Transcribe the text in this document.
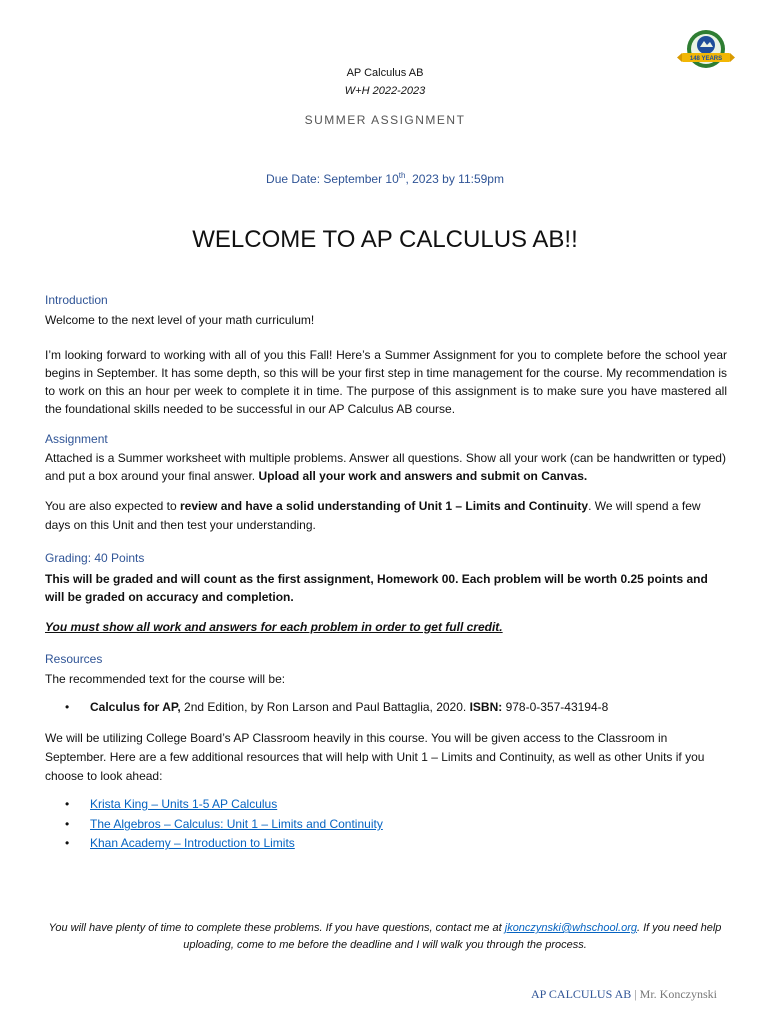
148 YEARS
AP Calculus AB
W+H 2022-2023
SUMMER ASSIGNMENT
Due Date: September 10th, 2023 by 11:59pm
WELCOME TO AP CALCULUS AB!!
Introduction
Welcome to the next level of your math curriculum!
I’m looking forward to working with all of you this Fall! Here’s a Summer Assignment for you to complete before the school year begins in September. It has some depth, so this will be your first step in time management for the course. My recommendation is to work on this an hour per week to complete it in time. The purpose of this assignment is to make sure you have mastered all the foundational skills needed to be successful in our AP Calculus AB course.
Assignment
Attached is a Summer worksheet with multiple problems. Answer all questions. Show all your work (can be handwritten or typed) and put a box around your final answer. Upload all your work and answers and submit on Canvas.
You are also expected to review and have a solid understanding of Unit 1 – Limits and Continuity. We will spend a few days on this Unit and then test your understanding.
Grading: 40 Points
This will be graded and will count as the first assignment, Homework 00. Each problem will be worth 0.25 points and will be graded on accuracy and completion.
You must show all work and answers for each problem in order to get full credit.
Resources
The recommended text for the course will be:
• Calculus for AP, 2nd Edition, by Ron Larson and Paul Battaglia, 2020. ISBN: 978-0-357-43194-8
We will be utilizing College Board’s AP Classroom heavily in this course. You will be given access to the Classroom in September. Here are a few additional resources that will help with Unit 1 – Limits and Continuity, as well as other Units if you choose to look ahead:
• Krista King – Units 1-5 AP Calculus
• The Algebros – Calculus: Unit 1 – Limits and Continuity
• Khan Academy – Introduction to Limits
You will have plenty of time to complete these problems. If you have questions, contact me at jkonczynski@whschool.org. If you need help uploading, come to me before the deadline and I will walk you through the process.
AP CALCULUS AB | Mr. Konczynski
